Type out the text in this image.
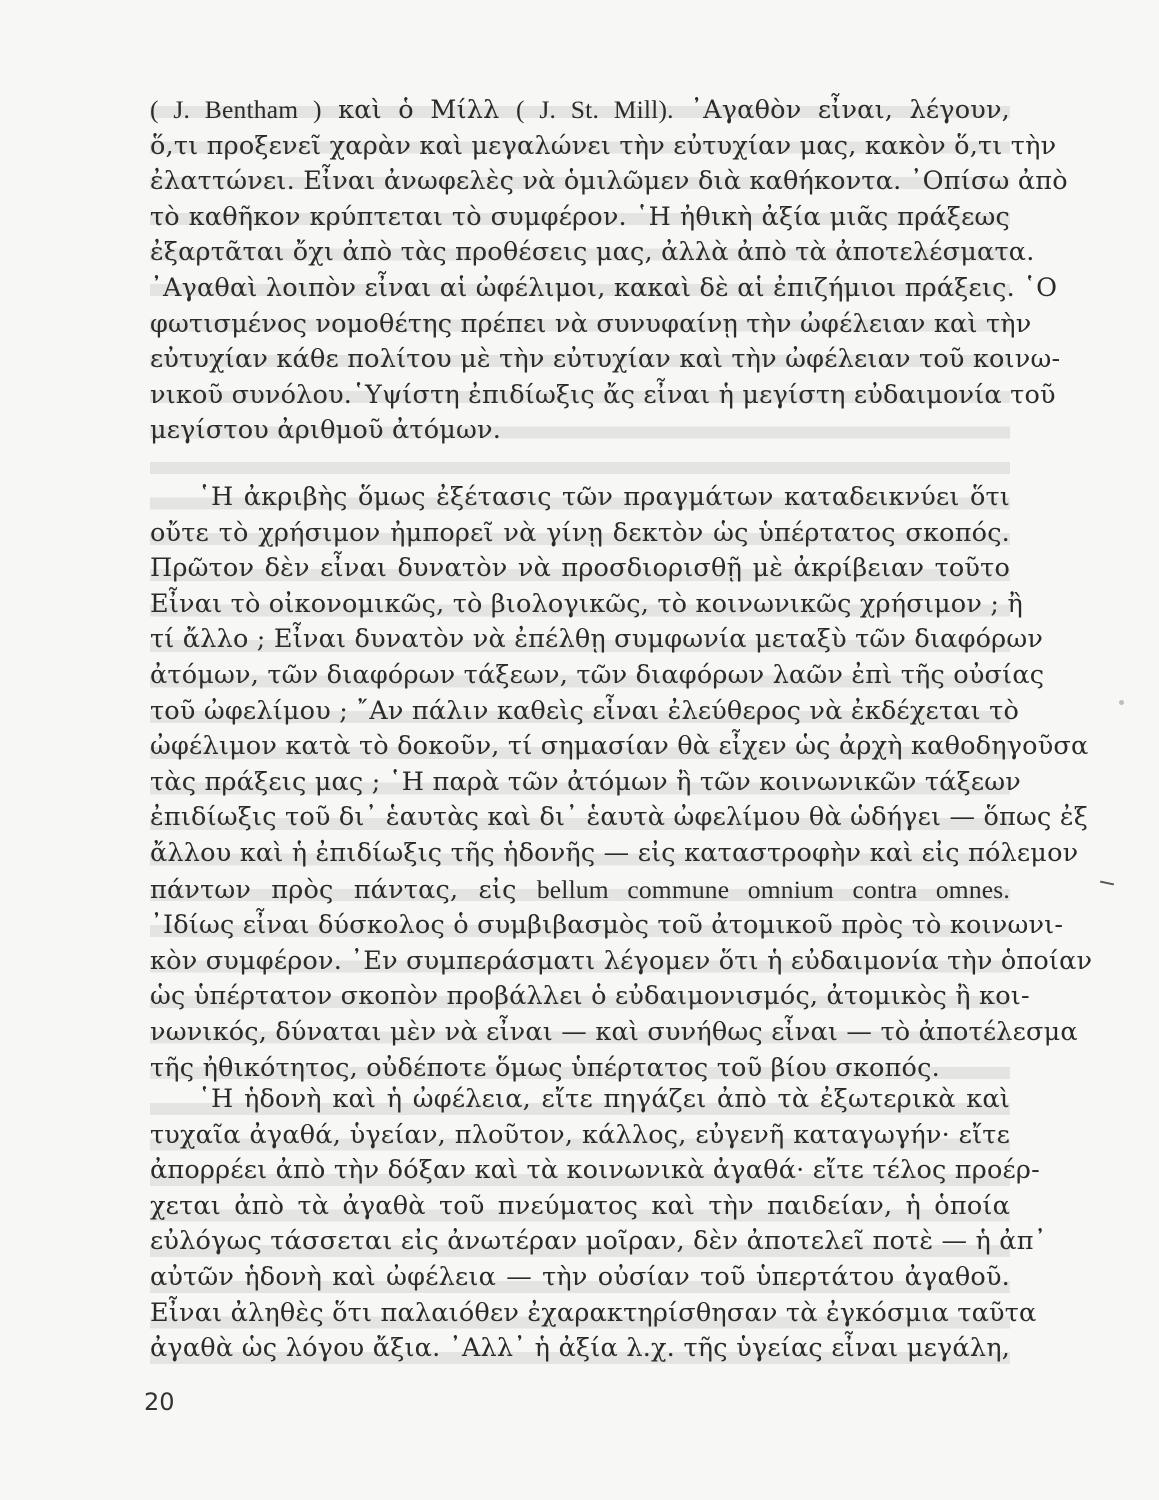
( J. Bentham ) καὶ ὁ Μίλλ ( J. St. Mill). ᾿Αγαθὸν εἶναι, λέγουν,
ὅ,τι προξενεῖ χαρὰν καὶ μεγαλώνει τὴν εὐτυχίαν μας, κακὸν ὅ,τι τὴν
ἐλαττώνει. Εἶναι ἀνωφελὲς νὰ ὁμιλῶμεν διὰ καθήκοντα. ᾿Οπίσω ἀπὸ
τὸ καθῆκον κρύπτεται τὸ συμφέρον. ῾Η ἠθικὴ ἀξία μιᾶς πράξεως
ἐξαρτᾶται ὄχι ἀπὸ τὰς προθέσεις μας, ἀλλὰ ἀπὸ τὰ ἀποτελέσματα.
᾿Αγαθαὶ λοιπὸν εἶναι αἱ ὠφέλιμοι, κακαὶ δὲ αἱ ἐπιζήμιοι πράξεις. ῾Ο
φωτισμένος νομοθέτης πρέπει νὰ συνυφαίνῃ τὴν ὠφέλειαν καὶ τὴν
εὐτυχίαν κάθε πολίτου μὲ τὴν εὐτυχίαν καὶ τὴν ὠφέλειαν τοῦ κοινω-
νικοῦ συνόλου.῾Υψίστη ἐπιδίωξις ἄς εἶναι ἡ μεγίστη εὐδαιμονία τοῦ
μεγίστου ἀριθμοῦ ἀτόμων.
῾Η ἀκριβὴς ὅμως ἐξέτασις τῶν πραγμάτων καταδεικνύει ὅτι
οὔτε τὸ χρήσιμον ἠμπορεῖ νὰ γίνῃ δεκτὸν ὡς ὑπέρτατος σκοπός.
Πρῶτον δὲν εἶναι δυνατὸν νὰ προσδιορισθῇ μὲ ἀκρίβειαν τοῦτο
Εἶναι τὸ οἰκονομικῶς, τὸ βιολογικῶς, τὸ κοινωνικῶς χρήσιμον ; ἢ
τί ἄλλο ; Εἶναι δυνατὸν νὰ ἐπέλθῃ συμφωνία μεταξὺ τῶν διαφόρων
ἀτόμων, τῶν διαφόρων τάξεων, τῶν διαφόρων λαῶν ἐπὶ τῆς οὐσίας
τοῦ ὠφελίμου ; ῎Αν πάλιν καθεὶς εἶναι ἐλεύθερος νὰ ἐκδέχεται τὸ
ὠφέλιμον κατὰ τὸ δοκοῦν, τί σημασίαν θὰ εἶχεν ὡς ἀρχὴ καθοδηγοῦσα
τὰς πράξεις μας ; ῾Η παρὰ τῶν ἀτόμων ἢ τῶν κοινωνικῶν τάξεων
ἐπιδίωξις τοῦ δι᾿ ἑαυτὰς καὶ δι᾿ ἑαυτὰ ὠφελίμου θὰ ὡδήγει — ὅπως ἐξ
ἄλλου καὶ ἡ ἐπιδίωξις τῆς ἡδονῆς — εἰς καταστροφὴν καὶ εἰς πόλεμον
πάντων πρὸς πάντας, εἰς bellum commune omnium contra omnes.
᾿Ιδίως εἶναι δύσκολος ὁ συμβιβασμὸς τοῦ ἀτομικοῦ πρὸς τὸ κοινωνι-
κὸν συμφέρον. ᾿Εν συμπεράσματι λέγομεν ὅτι ἡ εὐδαιμονία τὴν ὁποίαν
ὡς ὑπέρτατον σκοπὸν προβάλλει ὁ εὐδαιμονισμός, ἀτομικὸς ἢ κοι-
νωνικός, δύναται μὲν νὰ εἶναι — καὶ συνήθως εἶναι — τὸ ἀποτέλεσμα
τῆς ἠθικότητος, οὐδέποτε ὅμως ὑπέρτατος τοῦ βίου σκοπός.
῾Η ἡδονὴ καὶ ἡ ὠφέλεια, εἴτε πηγάζει ἀπὸ τὰ ἐξωτερικὰ καὶ
τυχαῖα ἀγαθά, ὑγείαν, πλοῦτον, κάλλος, εὐγενῆ καταγωγήν· εἴτε
ἀπορρέει ἀπὸ τὴν δόξαν καὶ τὰ κοινωνικὰ ἀγαθά· εἴτε τέλος προέρ-
χεται ἀπὸ τὰ ἀγαθὰ τοῦ πνεύματος καὶ τὴν παιδείαν, ἡ ὁποία
εὐλόγως τάσσεται εἰς ἀνωτέραν μοῖραν, δὲν ἀποτελεῖ ποτὲ — ἡ ἀπ᾿
αὐτῶν ἡδονὴ καὶ ὠφέλεια — τὴν οὐσίαν τοῦ ὑπερτάτου ἀγαθοῦ.
Εἶναι ἀληθὲς ὅτι παλαιόθεν ἐχαρακτηρίσθησαν τὰ ἐγκόσμια ταῦτα
ἀγαθὰ ὡς λόγου ἄξια. ᾿Αλλ᾿ ἡ ἀξία λ.χ. τῆς ὑγείας εἶναι μεγάλη,
20
